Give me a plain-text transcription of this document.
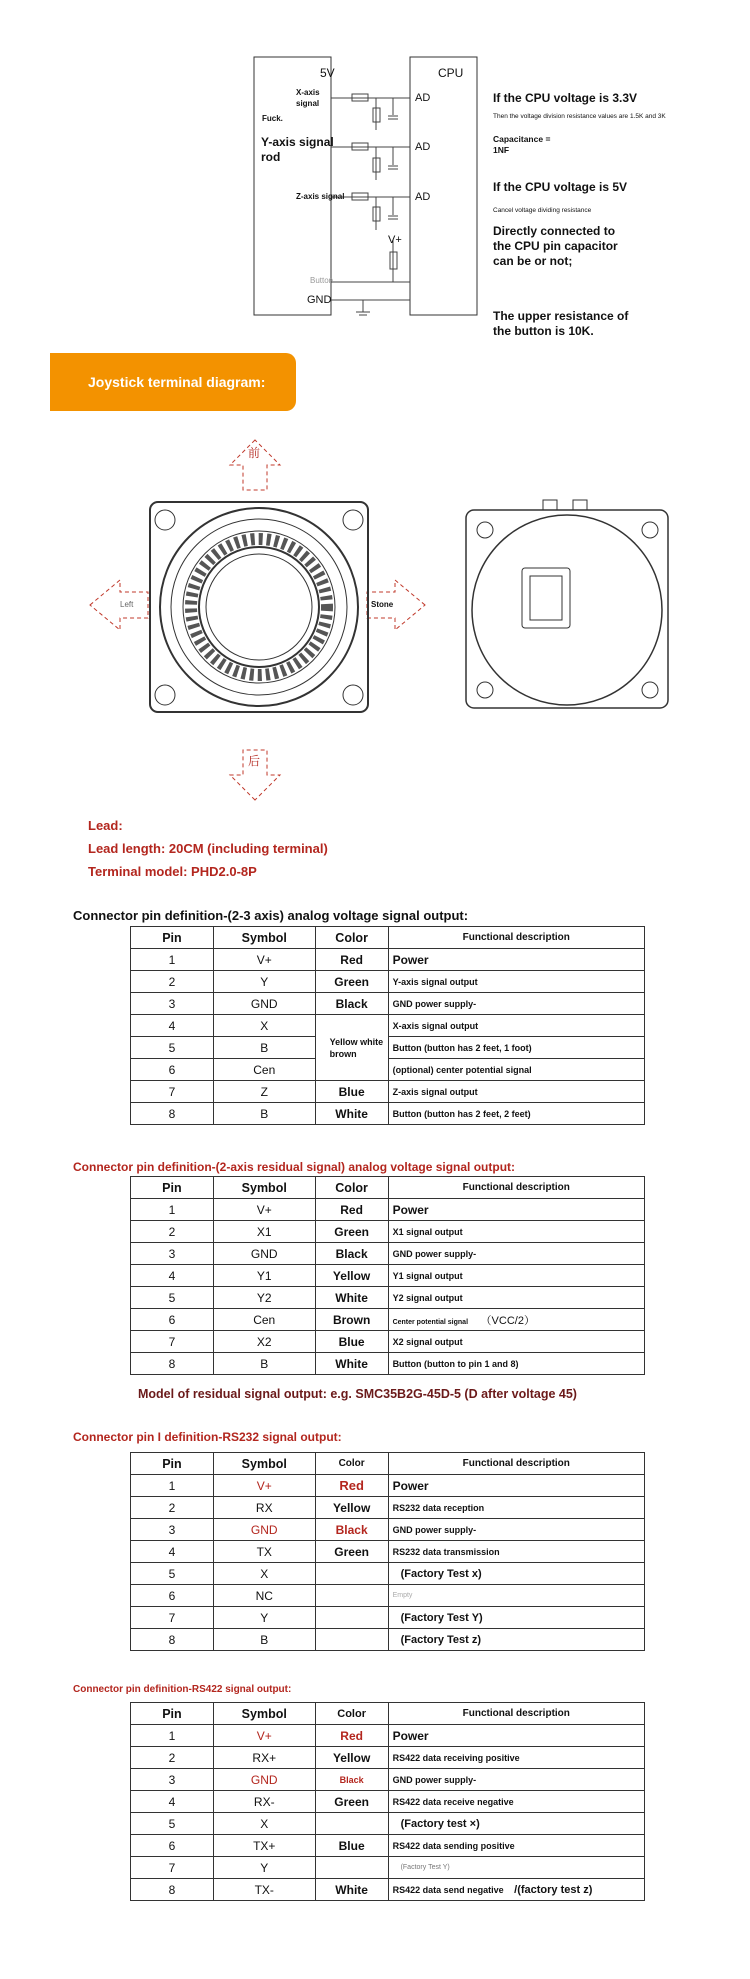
5V	CPU
X-axis signal
Fuck.
Y-axis signal rod
Z-axis signal
Button
GND
V+
AD
AD
AD
If the CPU voltage is 3.3V
Then the voltage division resistance values are 1.5K and 3K
Capacitance = 1NF
If the CPU voltage is 5V
Cancel voltage dividing resistance
Directly connected to the CPU pin capacitor can be or not;
The upper resistance of the button is 10K.
Joystick terminal diagram:
前
后
Left	Stone
Lead:
Lead length: 20CM (including terminal)
Terminal model: PHD2.0-8P
Connector pin definition-(2-3 axis) analog voltage signal output:
Pin	Symbol	Color	Functional description
1	V+	Red	Power
2	Y	Green	Y-axis signal output
3	GND	Black	GND power supply-
4	X	Yellow white brown	X-axis signal output
5	B		Button (button has 2 feet, 1 foot)
6	Cen		(optional) center potential signal
7	Z	Blue	Z-axis signal output
8	B	White	Button (button has 2 feet, 2 feet)
Connector pin definition-(2-axis residual signal) analog voltage signal output:
Pin	Symbol	Color	Functional description
1	V+	Red	Power
2	X1	Green	X1 signal output
3	GND	Black	GND power supply-
4	Y1	Yellow	Y1 signal output
5	Y2	White	Y2 signal output
6	Cen	Brown	Center potential signal （VCC/2）
7	X2	Blue	X2 signal output
8	B	White	Button (button to pin 1 and 8)
Model of residual signal output: e.g. SMC35B2G-45D-5 (D after voltage 45)
Connector pin I definition-RS232 signal output:
Pin	Symbol	Color	Functional description
1	V+	Red	Power
2	RX	Yellow	RS232 data reception
3	GND	Black	GND power supply-
4	TX	Green	RS232 data transmission
5	X		(Factory Test x)
6	NC		Empty
7	Y		(Factory Test Y)
8	B		(Factory Test z)
Connector pin definition-RS422 signal output:
Pin	Symbol	Color	Functional description
1	V+	Red	Power
2	RX+	Yellow	RS422 data receiving positive
3	GND	Black	GND power supply-
4	RX-	Green	RS422 data receive negative
5	X		(Factory test ×)
6	TX+	Blue	RS422 data sending positive
7	Y		(Factory Test Y)
8	TX-	White	RS422 data send negative /(factory test z)
